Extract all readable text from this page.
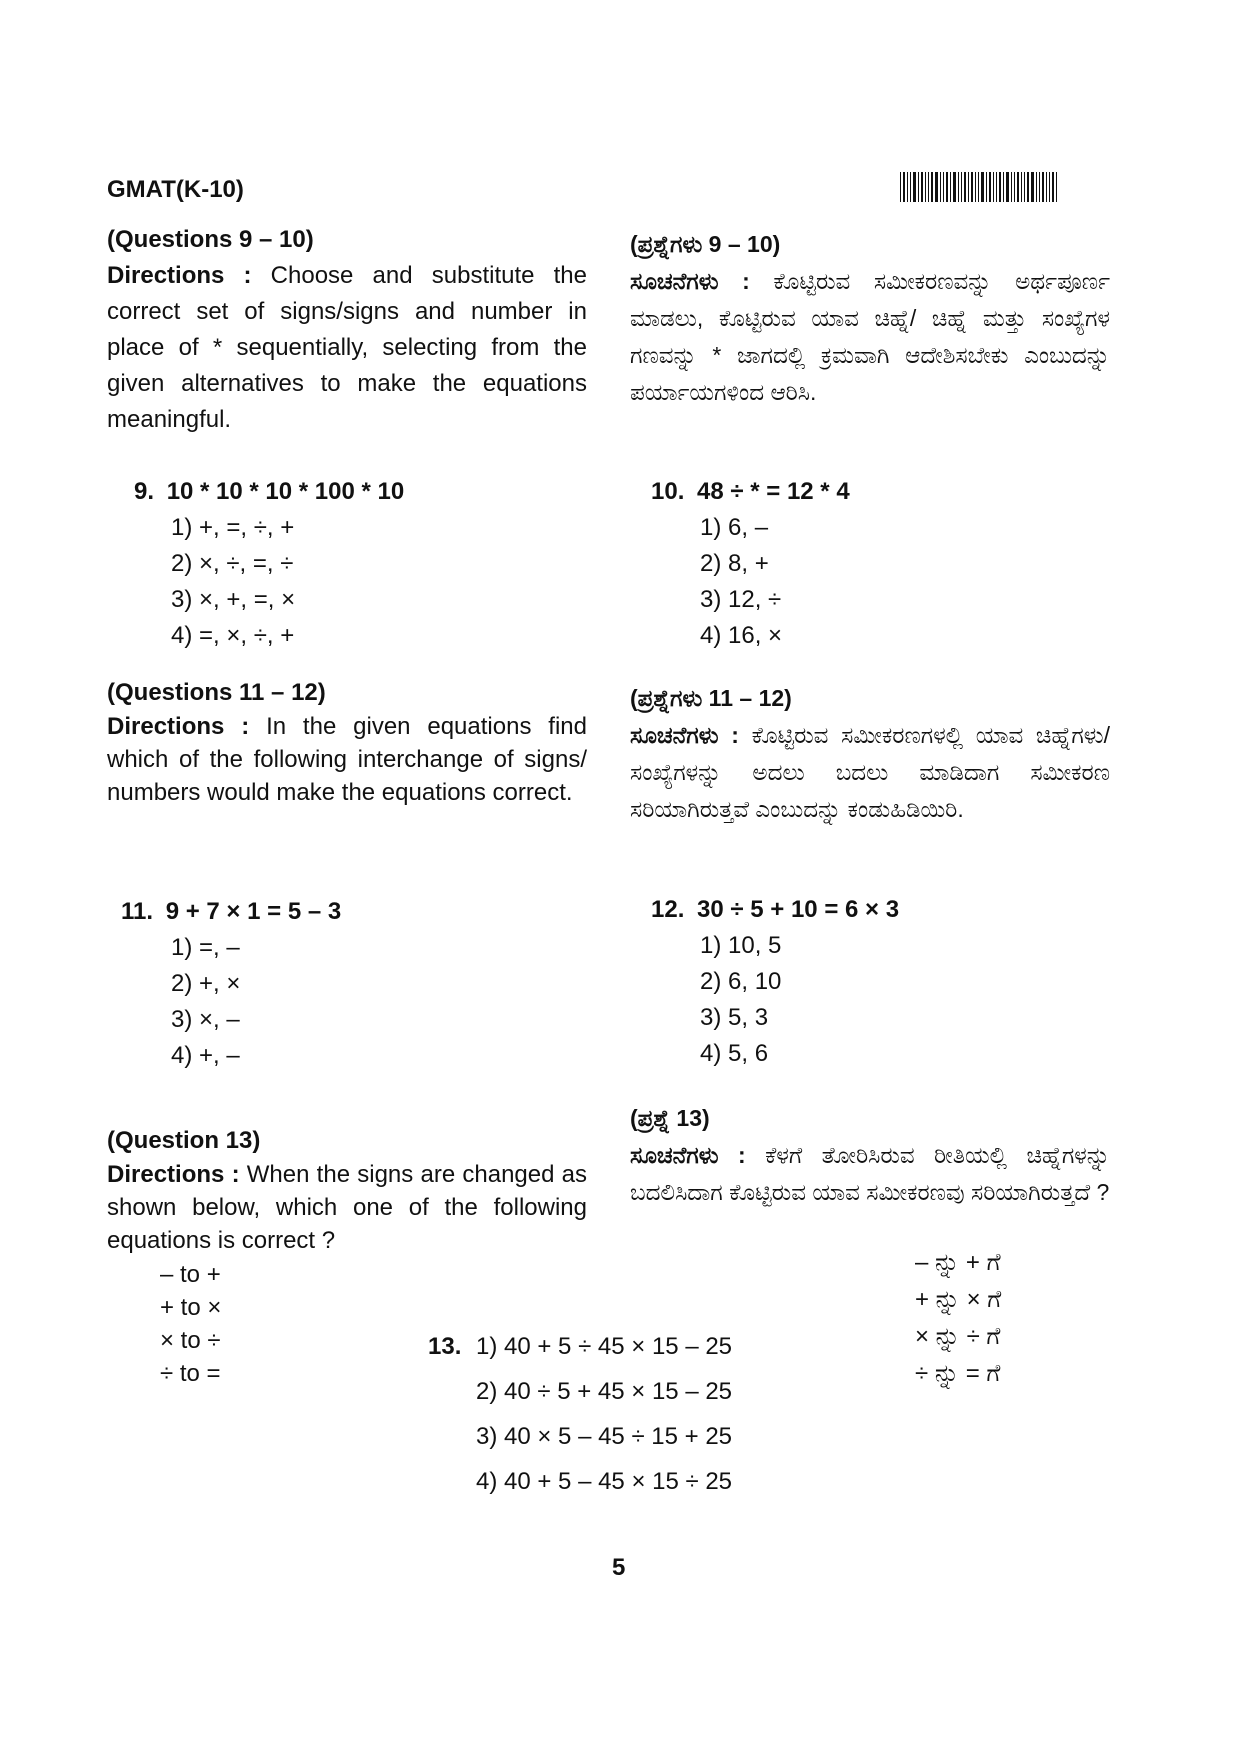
GMAT(K-10)
(Questions 9 – 10)
Directions : Choose and substitute the correct set of signs/signs and number in place of * sequentially, selecting from the given alternatives to make the equations meaningful.
(ಪ್ರಶ್ನೆಗಳು 9 – 10)
ಸೂಚನೆಗಳು : ಕೊಟ್ಟಿರುವ ಸಮೀಕರಣವನ್ನು ಅರ್ಥಪೂರ್ಣ ಮಾಡಲು, ಕೊಟ್ಟಿರುವ ಯಾವ ಚಿಹ್ನೆ/ ಚಿಹ್ನೆ ಮತ್ತು ಸಂಖ್ಯೆಗಳ ಗಣವನ್ನು * ಜಾಗದಲ್ಲಿ ಕ್ರಮವಾಗಿ ಆದೇಶಿಸಬೇಕು ಎಂಬುದನ್ನು ಪರ್ಯಾಯಗಳಿಂದ ಆರಿಸಿ.
9. 10 * 10 * 10 * 100 * 10
1) +, =, ÷, +
2) ×, ÷, =, ÷
3) ×, +, =, ×
4) =, ×, ÷, +
10. 48 ÷ * = 12 * 4
1) 6, –
2) 8, +
3) 12, ÷
4) 16, ×
(Questions 11 – 12)
Directions : In the given equations find which of the following interchange of signs/ numbers would make the equations correct.
(ಪ್ರಶ್ನೆಗಳು 11 – 12)
ಸೂಚನೆಗಳು : ಕೊಟ್ಟಿರುವ ಸಮೀಕರಣಗಳಲ್ಲಿ ಯಾವ ಚಿಹ್ನೆಗಳು/ಸಂಖ್ಯೆಗಳನ್ನು ಅದಲು ಬದಲು ಮಾಡಿದಾಗ ಸಮೀಕರಣ ಸರಿಯಾಗಿರುತ್ತವೆ ಎಂಬುದನ್ನು ಕಂಡುಹಿಡಿಯಿರಿ.
11. 9 + 7 × 1 = 5 – 3
1) =, –
2) +, ×
3) ×, –
4) +, –
12. 30 ÷ 5 + 10 = 6 × 3
1) 10, 5
2) 6, 10
3) 5, 3
4) 5, 6
(Question 13)
Directions : When the signs are changed as shown below, which one of the following equations is correct ?
– to +
+ to ×
× to ÷
÷ to =
(ಪ್ರಶ್ನೆ 13)
ಸೂಚನೆಗಳು : ಕೆಳಗೆ ತೋರಿಸಿರುವ ರೀತಿಯಲ್ಲಿ ಚಿಹ್ನೆಗಳನ್ನು ಬದಲಿಸಿದಾಗ ಕೊಟ್ಟಿರುವ ಯಾವ ಸಮೀಕರಣವು ಸರಿಯಾಗಿರುತ್ತದೆ ?
– ನ್ನು + ಗೆ
+ ನ್ನು × ಗೆ
× ನ್ನು ÷ ಗೆ
÷ ನ್ನು = ಗೆ
13. 1) 40 + 5 ÷ 45 × 15 – 25
2) 40 ÷ 5 + 45 × 15 – 25
3) 40 × 5 – 45 ÷ 15 + 25
4) 40 + 5 – 45 × 15 ÷ 25
5
